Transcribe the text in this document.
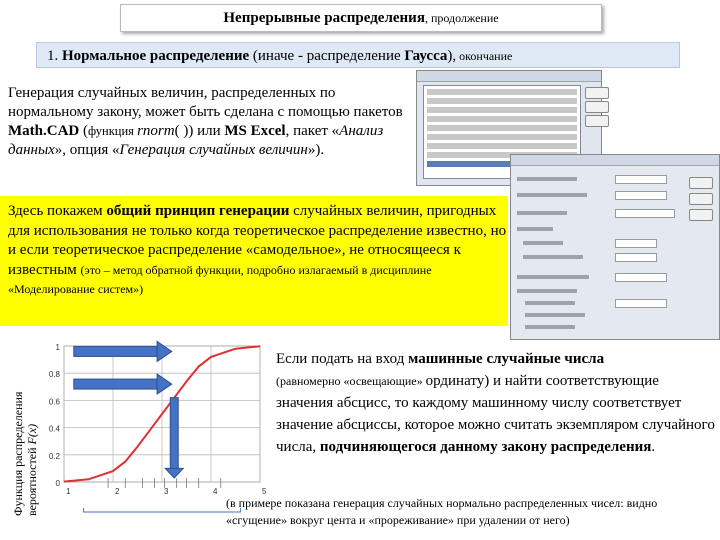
Непрерывные распределения, продолжение
1. Нормальное распределение (иначе - распределение Гаусса), окончание
Генерация случайных величин, распределенных по нормальному закону, может быть сделана с помощью пакетов Math.CAD (функция rnorm( )) или MS Excel, пакет «Анализ данных», опция «Генерация случайных величин»).
Здесь покажем общий принцип генерации случайных величин, пригодных для использования не только когда теоретическое распределение известно, но и если теоретическое распределение «самодельное», не относящееся к известным (это – метод обратной функции, подробно излагаемый в дисциплине «Моделирование систем»)
Функция распределения вероятностей F(x)
1
0.8
0.6
0.4
0.2
0
1	2	3	4	5
Если подать на вход машинные случайные числа
(равномерно «освещающие» ординату) и найти соответствующие значения абсцисс, то каждому машинному числу соответствует значение абсциссы, которое можно считать экземпляром случайного числа, подчиняющегося данному закону распределения.
(в примере показана генерация случайных нормально распределенных чисел: видно «сгущение» вокруг цента и «прореживание» при удалении от него)
